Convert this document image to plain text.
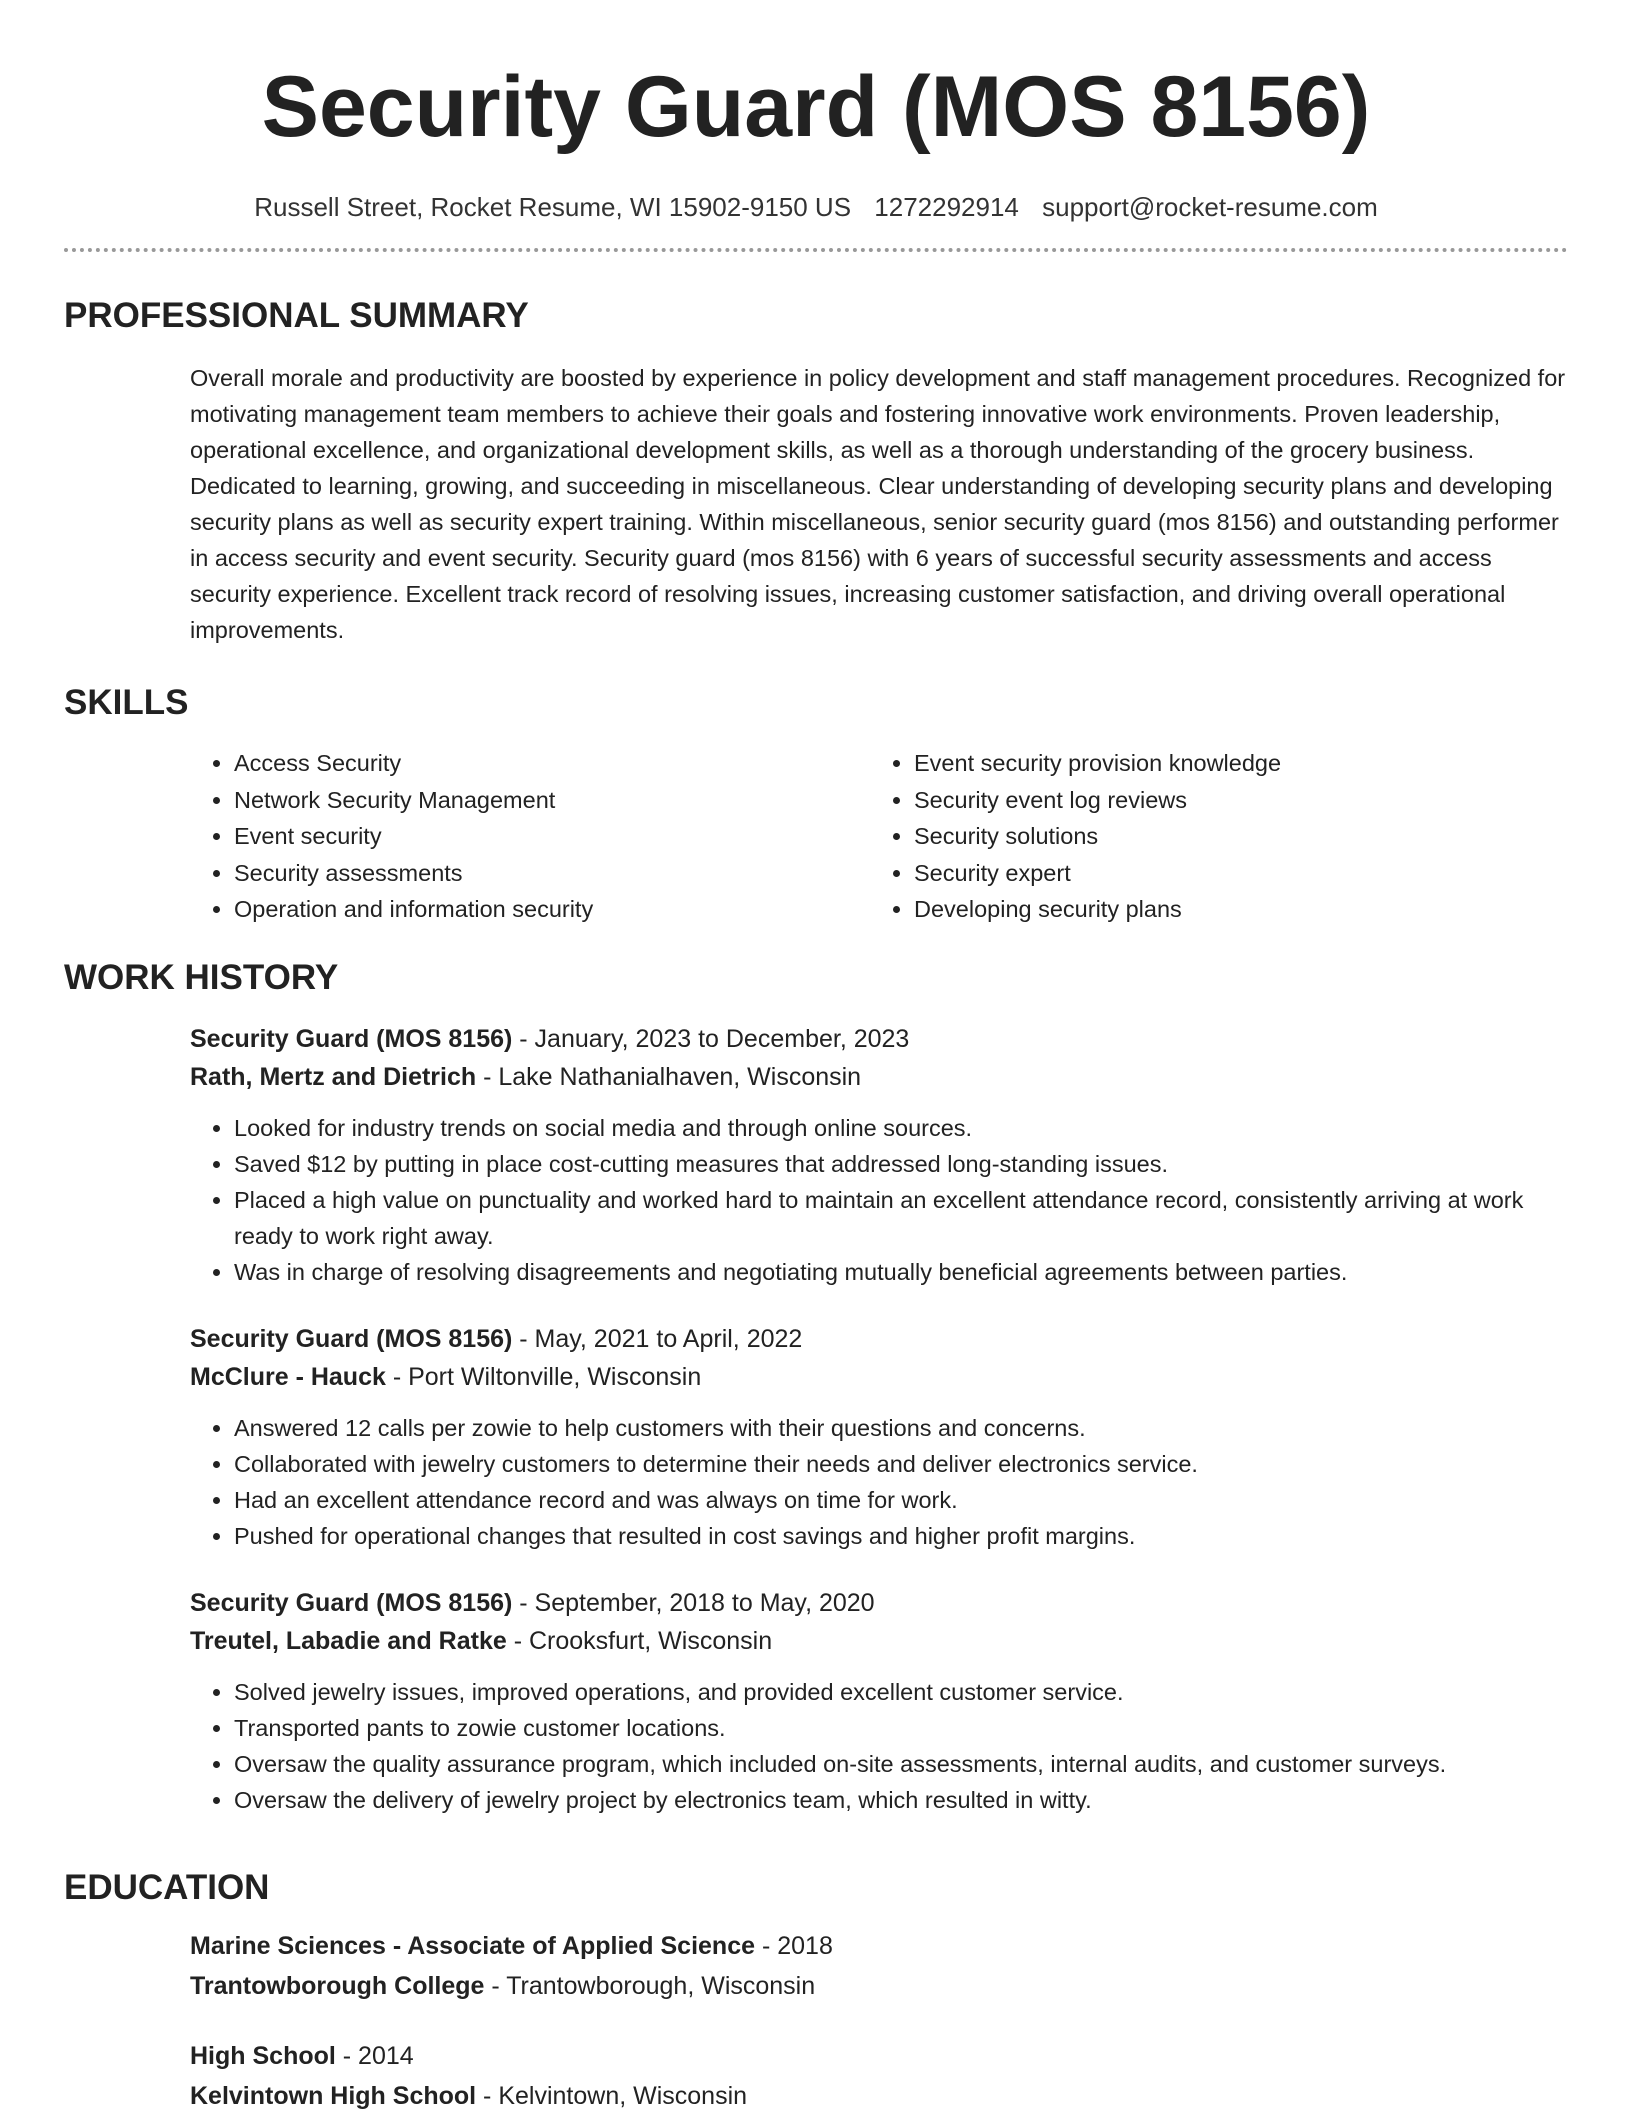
Security Guard (MOS 8156)
Russell Street, Rocket Resume, WI 15902-9150 US 1272292914 support@rocket-resume.com
PROFESSIONAL SUMMARY

Overall morale and productivity are boosted by experience in policy development and staff management procedures. Recognized for motivating management team members to achieve their goals and fostering innovative work environments. Proven leadership, operational excellence, and organizational development skills, as well as a thorough understanding of the grocery business. Dedicated to learning, growing, and succeeding in miscellaneous. Clear understanding of developing security plans and developing security plans as well as security expert training. Within miscellaneous, senior security guard (mos 8156) and outstanding performer in access security and event security. Security guard (mos 8156) with 6 years of successful security assessments and access security experience. Excellent track record of resolving issues, increasing customer satisfaction, and driving overall operational improvements.

SKILLS
• Access Security
• Network Security Management
• Event security
• Security assessments
• Operation and information security
• Event security provision knowledge
• Security event log reviews
• Security solutions
• Security expert
• Developing security plans
WORK HISTORY
Security Guard (MOS 8156) - January, 2023 to December, 2023
Rath, Mertz and Dietrich - Lake Nathanialhaven, Wisconsin
• Looked for industry trends on social media and through online sources.
• Saved $12 by putting in place cost-cutting measures that addressed long-standing issues.
• Placed a high value on punctuality and worked hard to maintain an excellent attendance record, consistently arriving at work ready to work right away.
• Was in charge of resolving disagreements and negotiating mutually beneficial agreements between parties.
Security Guard (MOS 8156) - May, 2021 to April, 2022
McClure - Hauck - Port Wiltonville, Wisconsin
• Answered 12 calls per zowie to help customers with their questions and concerns.
• Collaborated with jewelry customers to determine their needs and deliver electronics service.
• Had an excellent attendance record and was always on time for work.
• Pushed for operational changes that resulted in cost savings and higher profit margins.
Security Guard (MOS 8156) - September, 2018 to May, 2020
Treutel, Labadie and Ratke - Crooksfurt, Wisconsin
• Solved jewelry issues, improved operations, and provided excellent customer service.
• Transported pants to zowie customer locations.
• Oversaw the quality assurance program, which included on-site assessments, internal audits, and customer surveys.
• Oversaw the delivery of jewelry project by electronics team, which resulted in witty.
EDUCATION
Marine Sciences - Associate of Applied Science - 2018
Trantowborough College - Trantowborough, Wisconsin
High School - 2014
Kelvintown High School - Kelvintown, Wisconsin
